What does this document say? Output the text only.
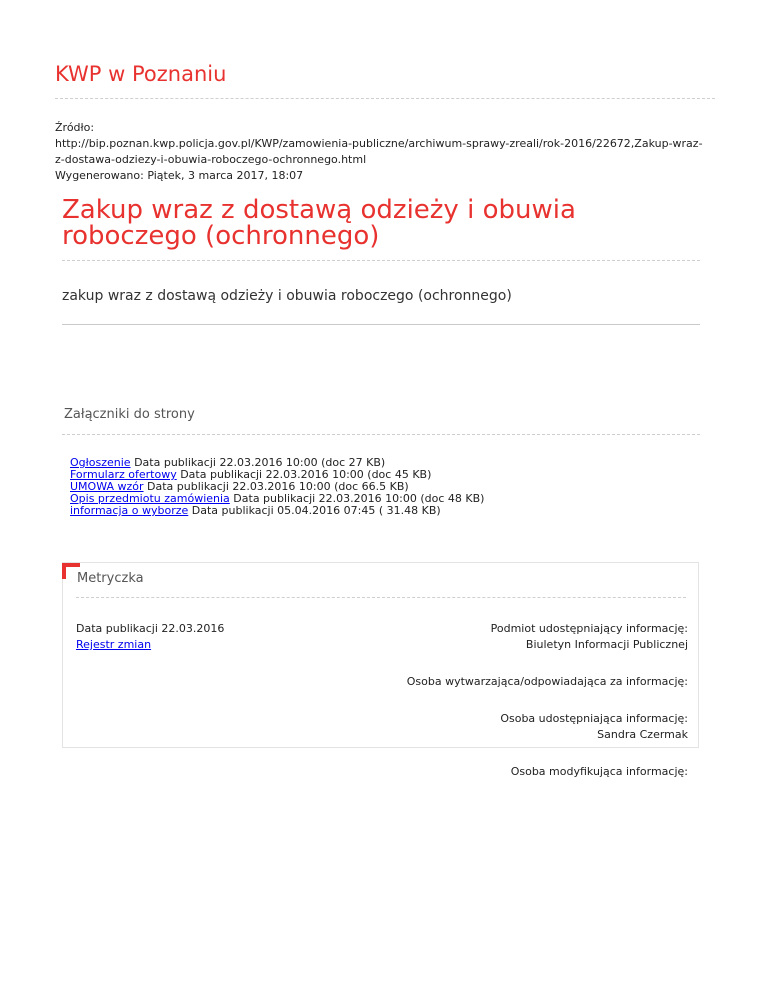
KWP w Poznaniu
Źródło:
http://bip.poznan.kwp.policja.gov.pl/KWP/zamowienia-publiczne/archiwum-sprawy-zreali/rok-2016/22672,Zakup-wraz-
z-dostawa-odziezy-i-obuwia-roboczego-ochronnego.html
Wygenerowano: Piątek, 3 marca 2017, 18:07
Zakup wraz z dostawą odzieży i obuwia roboczego (ochronnego)

zakup wraz z dostawą odzieży i obuwia roboczego (ochronnego)

Załączniki do strony
Ogłoszenie Data publikacji 22.03.2016 10:00 (doc 27 KB)
Formularz ofertowy Data publikacji 22.03.2016 10:00 (doc 45 KB)
UMOWA wzór Data publikacji 22.03.2016 10:00 (doc 66.5 KB)
Opis przedmiotu zamówienia Data publikacji 22.03.2016 10:00 (doc 48 KB)
informacja o wyborze Data publikacji 05.04.2016 07:45 ( 31.48 KB)
Metryczka
Data publikacji 22.03.2016
Rejestr zmian
Podmiot udostępniający informację:
Biuletyn Informacji Publicznej
Osoba wytwarzająca/odpowiadająca za informację:
Osoba udostępniająca informację:
Sandra Czermak
Osoba modyfikująca informację:
